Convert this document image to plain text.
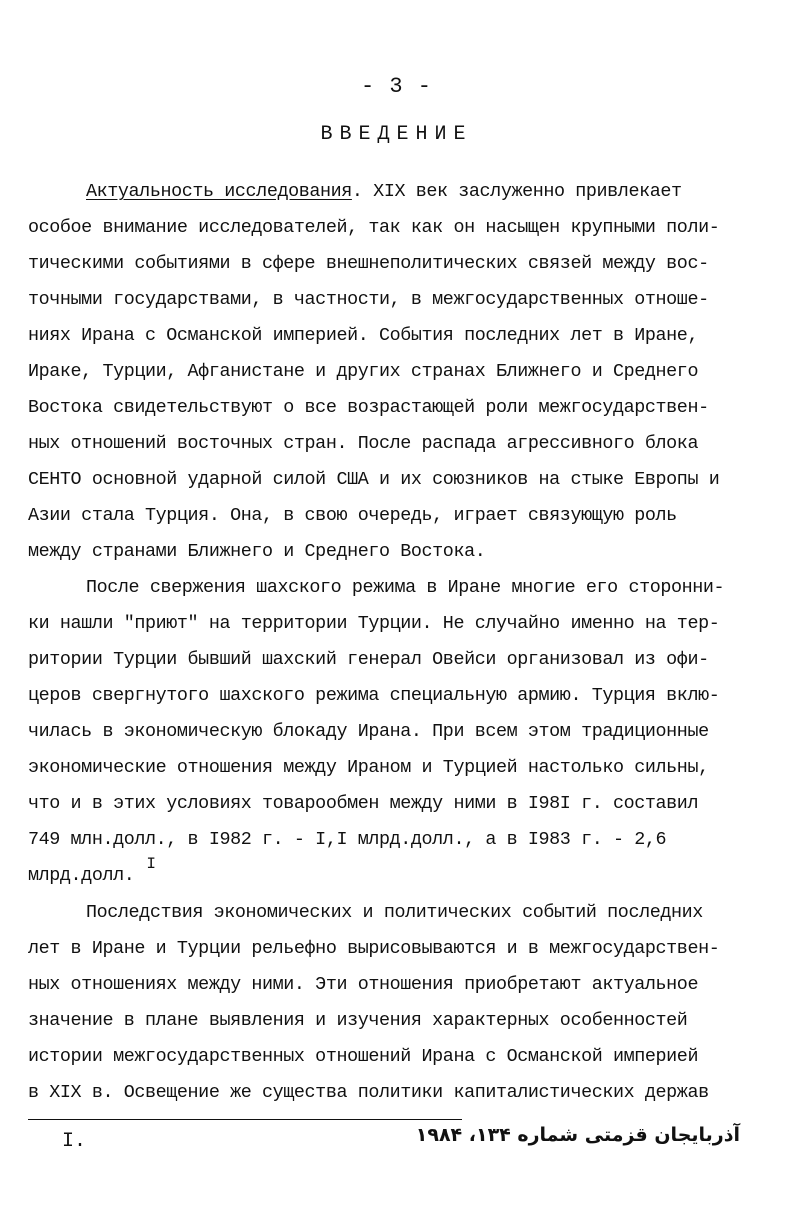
- 3 -
ВВЕДЕНИЕ
Актуальность исследования. XIX век заслуженно привлекает
особое внимание исследователей, так как он насыщен крупными поли-
тическими событиями в сфере внешнеполитических связей между вос-
точными государствами, в частности, в межгосударственных отноше-
ниях Ирана с Османской империей. События последних лет в Иране,
Ираке, Турции, Афганистане и других странах Ближнего и Среднего
Востока свидетельствуют о все возрастающей роли межгосударствен-
ных отношений восточных стран. После распада агрессивного блока
СЕНТО основной ударной силой США и их союзников на стыке Европы и
Азии стала Турция. Она, в свою очередь, играет связующую роль
между странами Ближнего и Среднего Востока.
После свержения шахского режима в Иране многие его сторонни-
ки нашли "приют" на территории Турции. Не случайно именно на тер-
ритории Турции бывший шахский генерал Овейси организовал из офи-
церов свергнутого шахского режима специальную армию. Турция вклю-
чилась в экономическую блокаду Ирана. При всем этом традиционные
экономические отношения между Ираном и Турцией настолько сильны,
что и в этих условиях товарообмен между ними в I98I г. составил
749 млн.долл., в I982 г. - I,I млрд.долл., а в I983 г. - 2,6
млрд.долл.I
Последствия экономических и политических событий последних
лет в Иране и Турции рельефно вырисовываются и в межгосударствен-
ных отношениях между ними. Эти отношения приобретают актуальное
значение в плане выявления и изучения характерных особенностей
истории межгосударственных отношений Ирана с Османской империей
в XIX в. Освещение же существа политики капиталистических держав
I.	آذربایجان قزمتی شماره ۱۳۴، ۱۹۸۴
